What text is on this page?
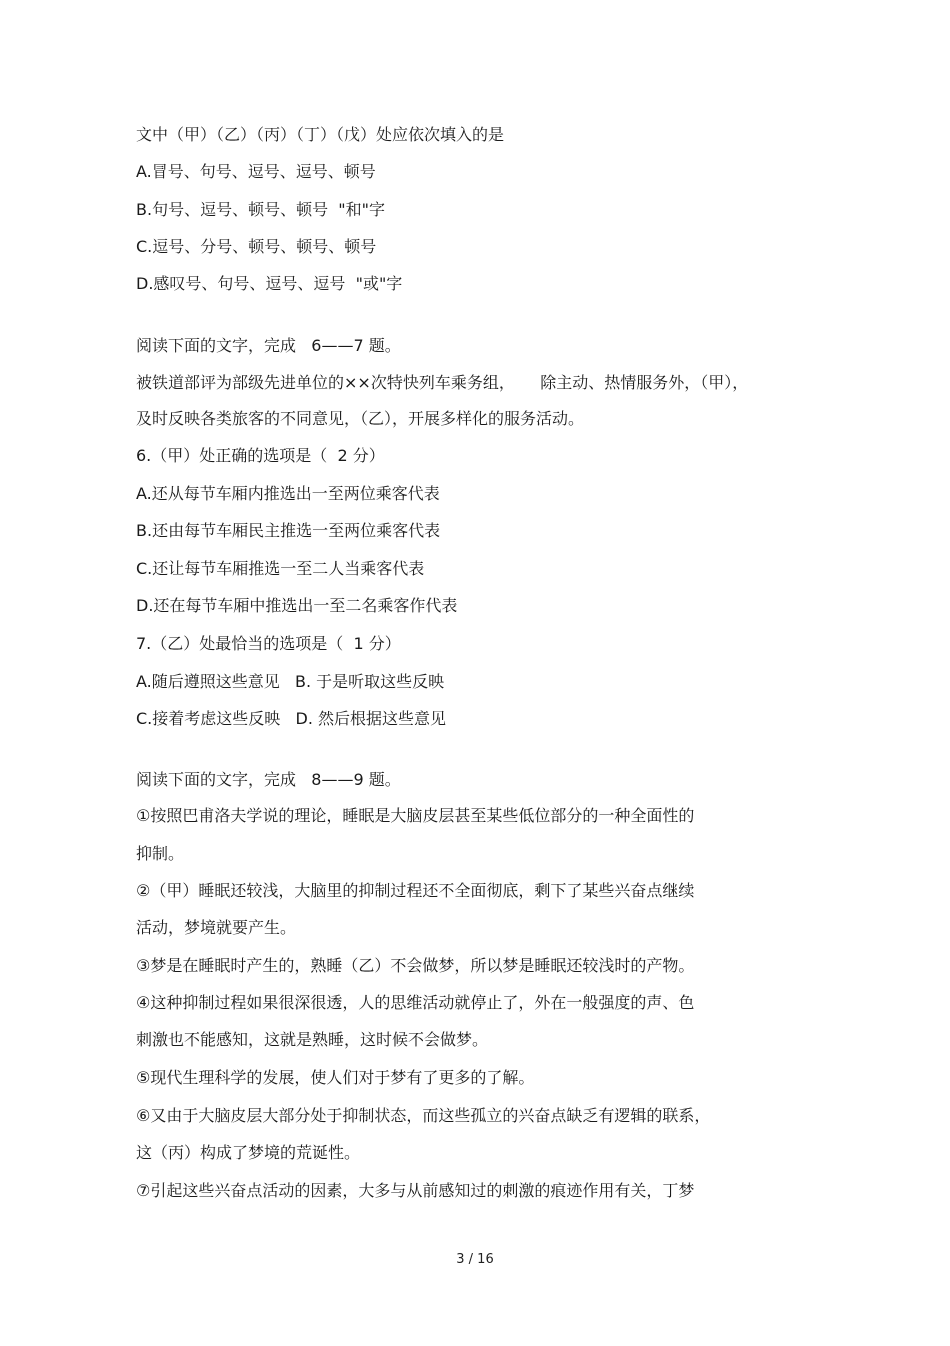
文中（甲）（乙）（丙）（丁）（戊）处应依次填入的是
A.冒号、句号、逗号、逗号、顿号
B.句号、逗号、顿号、顿号  "和"字
C.逗号、分号、顿号、顿号、顿号
D.感叹号、句号、逗号、逗号  "或"字
阅读下面的文字，完成   6——7 题。
被铁道部评为部级先进单位的××次特快列车乘务组，     除主动、热情服务外，（甲），
及时反映各类旅客的不同意见，（乙），开展多样化的服务活动。
6.（甲）处正确的选项是（  2 分）
A.还从每节车厢内推选出一至两位乘客代表
B.还由每节车厢民主推选一至两位乘客代表
C.还让每节车厢推选一至二人当乘客代表
D.还在每节车厢中推选出一至二名乘客作代表
7.（乙）处最恰当的选项是（  1 分）
A.随后遵照这些意见   B. 于是听取这些反映
C.接着考虑这些反映   D. 然后根据这些意见
阅读下面的文字，完成   8——9 题。
①按照巴甫洛夫学说的理论，睡眠是大脑皮层甚至某些低位部分的一种全面性的
抑制。
②（甲）睡眠还较浅，大脑里的抑制过程还不全面彻底，剩下了某些兴奋点继续
活动，梦境就要产生。
③梦是在睡眠时产生的，熟睡（乙）不会做梦，所以梦是睡眠还较浅时的产物。
④这种抑制过程如果很深很透，人的思维活动就停止了，外在一般强度的声、色
刺激也不能感知，这就是熟睡，这时候不会做梦。
⑤现代生理科学的发展，使人们对于梦有了更多的了解。
⑥又由于大脑皮层大部分处于抑制状态，而这些孤立的兴奋点缺乏有逻辑的联系，
这（丙）构成了梦境的荒诞性。
⑦引起这些兴奋点活动的因素，大多与从前感知过的刺激的痕迹作用有关，丁梦
3 / 16
